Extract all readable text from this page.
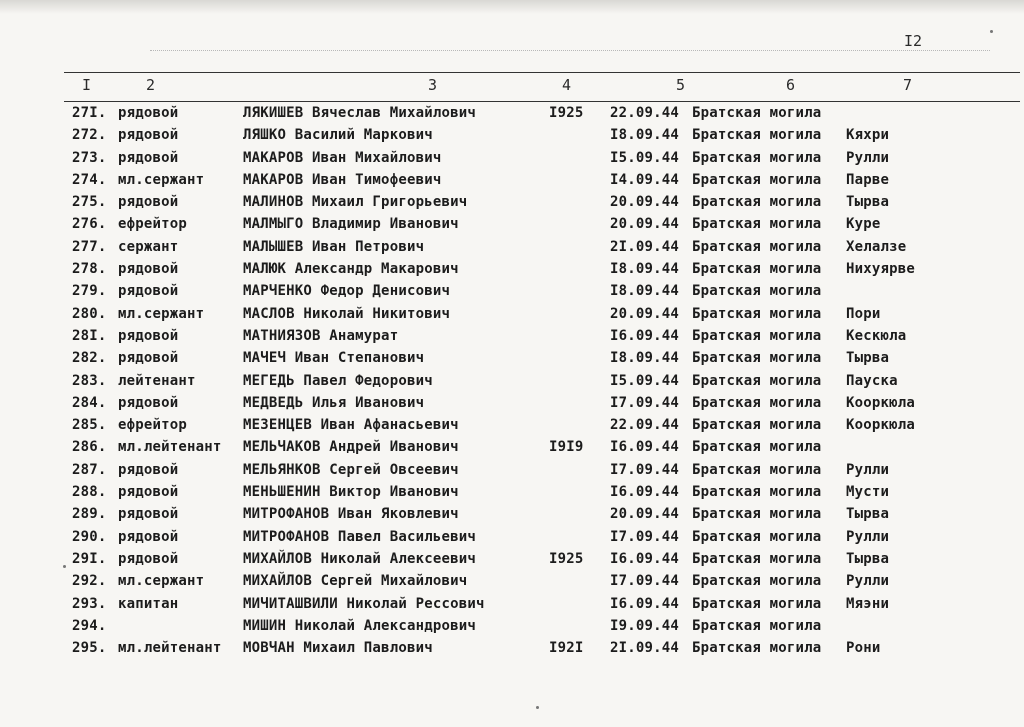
I2
I	2	3	4	5	6	7
27I. рядовой	ЛЯКИШЕВ Вячеслав Михайлович	I925 22.09.44 Братская могила
272. рядовой	ЛЯШКО Василий Маркович	I8.09.44 Братская могила Кяхри
273. рядовой	МАКАРОВ Иван Михайлович	I5.09.44 Братская могила Рулли
274. мл.сержант	МАКАРОВ Иван Тимофеевич	I4.09.44 Братская могила Парве
275. рядовой	МАЛИНОВ Михаил Григорьевич	20.09.44 Братская могила Тырва
276. ефрейтор	МАЛМЫГО Владимир Иванович	20.09.44 Братская могила Куре
277. сержант	МАЛЫШЕВ Иван Петрович	2I.09.44 Братская могила Хелалзе
278. рядовой	МАЛЮК Александр Макарович	I8.09.44 Братская могила Нихуярве
279. рядовой	МАРЧЕНКО Федор Денисович	I8.09.44 Братская могила
280. мл.сержант	МАСЛОВ Николай Никитович	20.09.44 Братская могила Пори
28I. рядовой	МАТНИЯЗОВ Анамурат	I6.09.44 Братская могила Кескюла
282. рядовой	МАЧЕЧ Иван Степанович	I8.09.44 Братская могила Тырва
283. лейтенант	МЕГЕДЬ Павел Федорович	I5.09.44 Братская могила Пауска
284. рядовой	МЕДВЕДЬ Илья Иванович	I7.09.44 Братская могила Кооркюла
285. ефрейтор	МЕЗЕНЦЕВ Иван Афанасьевич	22.09.44 Братская могила Кооркюла
286. мл.лейтенант МЕЛЬЧАКОВ Андрей Иванович	I9I9 I6.09.44 Братская могила
287. рядовой	МЕЛЬЯНКОВ Сергей Овсеевич	I7.09.44 Братская могила Рулли
288. рядовой	МЕНЬШЕНИН Виктор Иванович	I6.09.44 Братская могила Мусти
289. рядовой	МИТРОФАНОВ Иван Яковлевич	20.09.44 Братская могила Тырва
290. рядовой	МИТРОФАНОВ Павел Васильевич	I7.09.44 Братская могила Рулли
29I. рядовой	МИХАЙЛОВ Николай Алексеевич	I925 I6.09.44 Братская могила Тырва
292. мл.сержант	МИХАЙЛОВ Сергей Михайлович	I7.09.44 Братская могила Рулли
293. капитан	МИЧИТАШВИЛИ Николай Рессович	I6.09.44 Братская могила Мяэни
294.	МИШИН Николай Александрович	I9.09.44 Братская могила
295. мл.лейтенант МОВЧАН Михаил Павлович	I92I 2I.09.44 Братская могила Рони
